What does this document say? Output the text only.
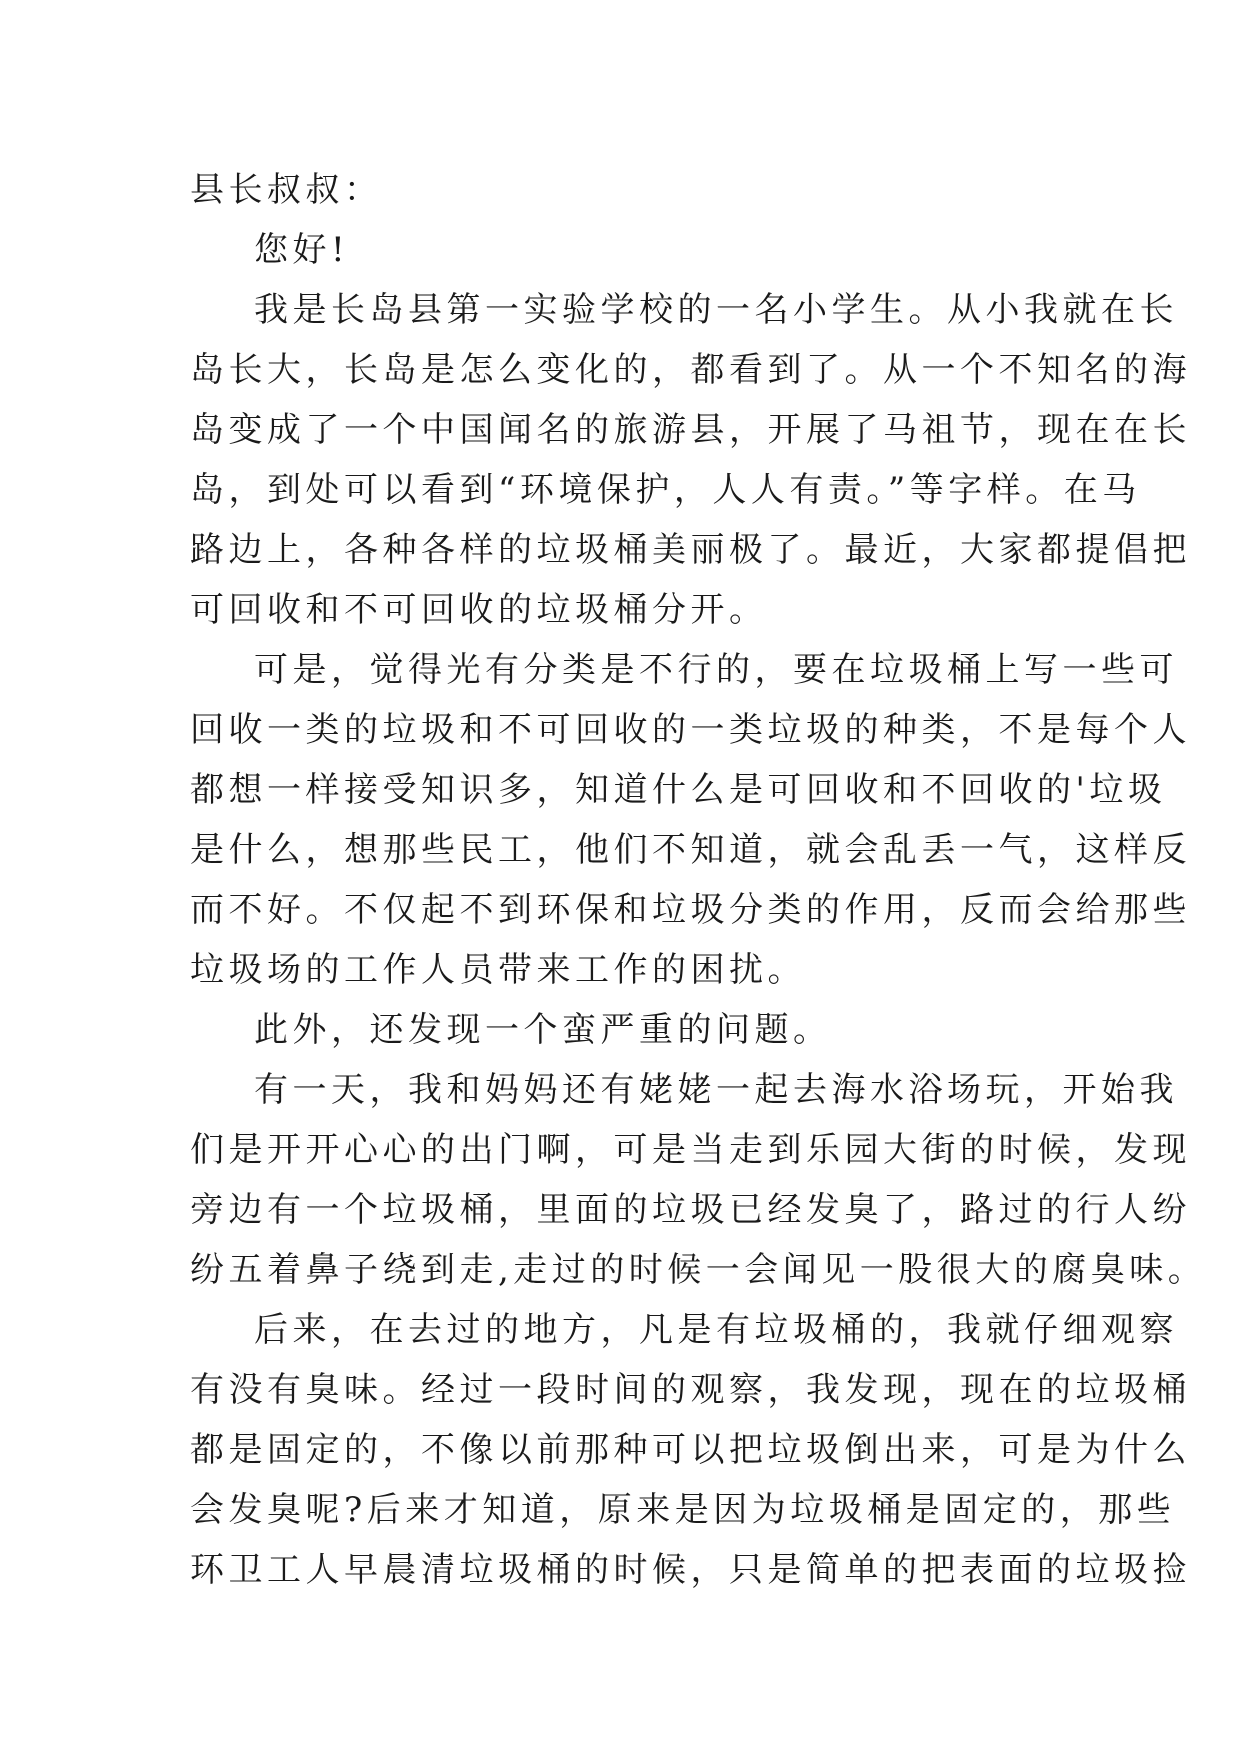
县长叔叔：

您好!

我是长岛县第一实验学校的一名小学生。从小我就在长

岛长大，长岛是怎么变化的，都看到了。从一个不知名的海

岛变成了一个中国闻名的旅游县，开展了马祖节，现在在长

岛，到处可以看到“环境保护，人人有责。”等字样。在马

路边上，各种各样的垃圾桶美丽极了。最近，大家都提倡把

可回收和不可回收的垃圾桶分开。

可是，觉得光有分类是不行的，要在垃圾桶上写一些可

回收一类的垃圾和不可回收的一类垃圾的种类，不是每个人

都想一样接受知识多，知道什么是可回收和不回收的'垃圾

是什么，想那些民工，他们不知道，就会乱丢一气，这样反

而不好。不仅起不到环保和垃圾分类的作用，反而会给那些

垃圾场的工作人员带来工作的困扰。

此外，还发现一个蛮严重的问题。

有一天，我和妈妈还有姥姥一起去海水浴场玩，开始我

们是开开心心的出门啊，可是当走到乐园大街的时候，发现

旁边有一个垃圾桶，里面的垃圾已经发臭了，路过的行人纷

纷五着鼻子绕到走,走过的时候一会闻见一股很大的腐臭味。

后来，在去过的地方，凡是有垃圾桶的，我就仔细观察

有没有臭味。经过一段时间的观察，我发现，现在的垃圾桶

都是固定的，不像以前那种可以把垃圾倒出来，可是为什么

会发臭呢?后来才知道，原来是因为垃圾桶是固定的，那些

环卫工人早晨清垃圾桶的时候，只是简单的把表面的垃圾捡
